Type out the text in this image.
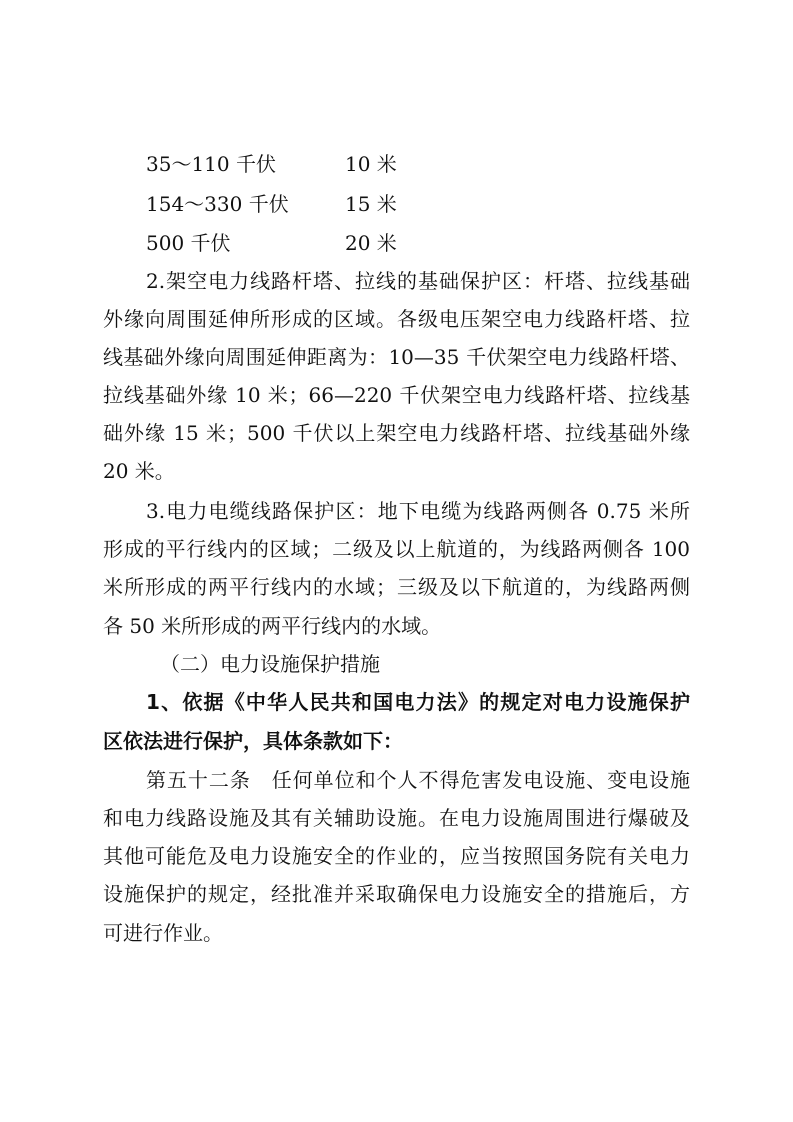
35～110 千伏	10 米
154～330 千伏	15 米
500 千伏	20 米
2.架空电力线路杆塔、拉线的基础保护区：杆塔、拉线基础
外缘向周围延伸所形成的区域。各级电压架空电力线路杆塔、拉
线基础外缘向周围延伸距离为：10—35 千伏架空电力线路杆塔、
拉线基础外缘 10 米；66—220 千伏架空电力线路杆塔、拉线基
础外缘 15 米；500 千伏以上架空电力线路杆塔、拉线基础外缘
20 米。
3.电力电缆线路保护区：地下电缆为线路两侧各 0.75 米所
形成的平行线内的区域；二级及以上航道的，为线路两侧各 100
米所形成的两平行线内的水域；三级及以下航道的，为线路两侧
各 50 米所形成的两平行线内的水域。
（二）电力设施保护措施
1、依据《中华人民共和国电力法》的规定对电力设施保护
区依法进行保护，具体条款如下：
第五十二条　任何单位和个人不得危害发电设施、变电设施
和电力线路设施及其有关辅助设施。在电力设施周围进行爆破及
其他可能危及电力设施安全的作业的，应当按照国务院有关电力
设施保护的规定，经批准并采取确保电力设施安全的措施后，方
可进行作业。
